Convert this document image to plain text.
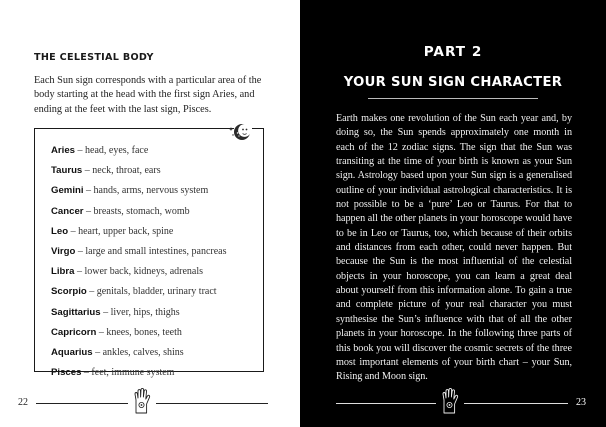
THE CELESTIAL BODY
Each Sun sign corresponds with a particular area of the body starting at the head with the first sign Aries, and ending at the feet with the last sign, Pisces.
Aries – head, eyes, face
Taurus – neck, throat, ears
Gemini – hands, arms, nervous system
Cancer – breasts, stomach, womb
Leo – heart, upper back, spine
Virgo – large and small intestines, pancreas
Libra – lower back, kidneys, adrenals
Scorpio – genitals, bladder, urinary tract
Sagittarius – liver, hips, thighs
Capricorn – knees, bones, teeth
Aquarius – ankles, calves, shins
Pisces – feet, immune system
22
PART 2
YOUR SUN SIGN CHARACTER
Earth makes one revolution of the Sun each year and, by doing so, the Sun spends approximately one month in each of the 12 zodiac signs. The sign that the Sun was transiting at the time of your birth is known as your Sun sign. Astrology based upon your Sun sign is a generalised outline of your individual astrological characteristics. It is not possible to be a ‘pure’ Leo or Taurus. For that to happen all the other planets in your horoscope would have to be in Leo or Taurus, too, which because of their orbits and distances from each other, could never happen. But because the Sun is the most influential of the celestial objects in your horoscope, you can learn a great deal about yourself from this information alone. To gain a true and complete picture of your real character you must synthesise the Sun’s influence with that of all the other planets in your horoscope. In the following three parts of this book you will discover the cosmic secrets of the three most important elements of your birth chart – your Sun, Rising and Moon sign.
23
